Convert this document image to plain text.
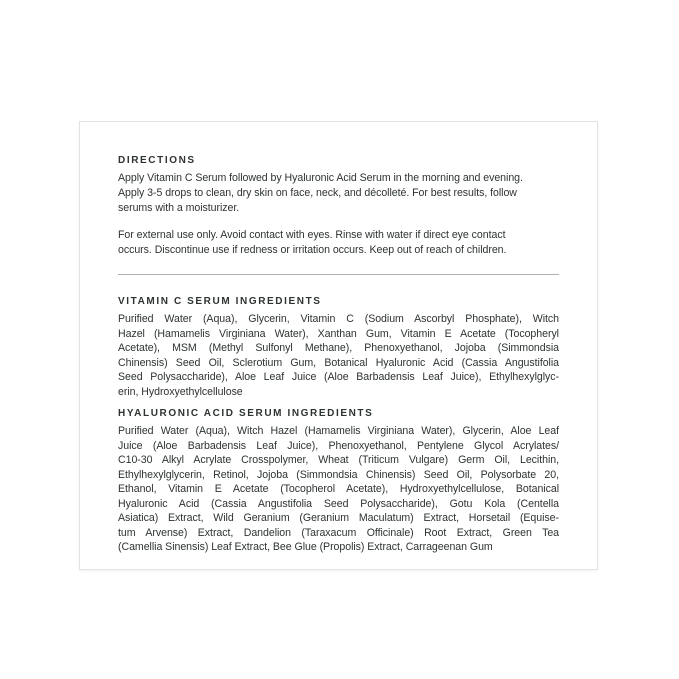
DIRECTIONS
Apply Vitamin C Serum followed by Hyaluronic Acid Serum in the morning and evening.
Apply 3-5 drops to clean, dry skin on face, neck, and décolleté. For best results, follow
serums with a moisturizer.
For external use only. Avoid contact with eyes. Rinse with water if direct eye contact
occurs. Discontinue use if redness or irritation occurs. Keep out of reach of children.
VITAMIN C SERUM INGREDIENTS
Purified Water (Aqua), Glycerin, Vitamin C (Sodium Ascorbyl Phosphate), Witch
Hazel (Hamamelis Virginiana Water), Xanthan Gum, Vitamin E Acetate (Tocopheryl
Acetate), MSM (Methyl Sulfonyl Methane), Phenoxyethanol, Jojoba (Simmondsia
Chinensis) Seed Oil, Sclerotium Gum, Botanical Hyaluronic Acid (Cassia Angustifolia
Seed Polysaccharide), Aloe Leaf Juice (Aloe Barbadensis Leaf Juice), Ethylhexylglyc-
erin, Hydroxyethylcellulose
HYALURONIC ACID SERUM INGREDIENTS
Purified Water (Aqua), Witch Hazel (Hamamelis Virginiana Water), Glycerin, Aloe Leaf
Juice (Aloe Barbadensis Leaf Juice), Phenoxyethanol, Pentylene Glycol Acrylates/
C10-30 Alkyl Acrylate Crosspolymer, Wheat (Triticum Vulgare) Germ Oil, Lecithin,
Ethylhexylglycerin, Retinol, Jojoba (Simmondsia Chinensis) Seed Oil, Polysorbate 20,
Ethanol, Vitamin E Acetate (Tocopherol Acetate), Hydroxyethylcellulose, Botanical
Hyaluronic Acid (Cassia Angustifolia Seed Polysaccharide), Gotu Kola (Centella
Asiatica) Extract, Wild Geranium (Geranium Maculatum) Extract, Horsetail (Equise-
tum Arvense) Extract, Dandelion (Taraxacum Officinale) Root Extract, Green Tea
(Camellia Sinensis) Leaf Extract, Bee Glue (Propolis) Extract, Carrageenan Gum
